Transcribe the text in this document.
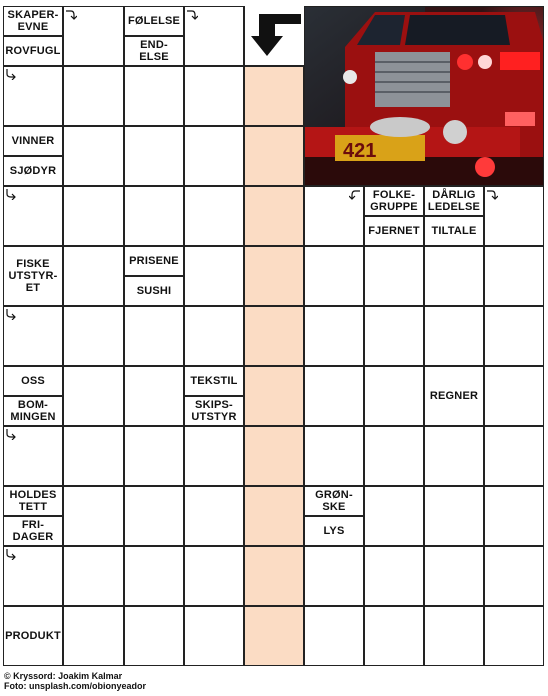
SKAPER-
EVNE
ROVFUGL
FØLELSE
END-
ELSE
421
VINNER
SJØDYR
FOLKE-
GRUPPE
FJERNET
DÅRLIG
LEDELSE
TILTALE
FISKE
UTSTYR-
ET
PRISENE
SUSHI
OSS
BOM-
MINGEN
TEKSTIL
SKIPS-
UTSTYR
REGNER
HOLDES
TETT
FRI-
DAGER
GRØN-
SKE
LYS
PRODUKT
© Kryssord: Joakim Kalmar
Foto: unsplash.com/obionyeador
